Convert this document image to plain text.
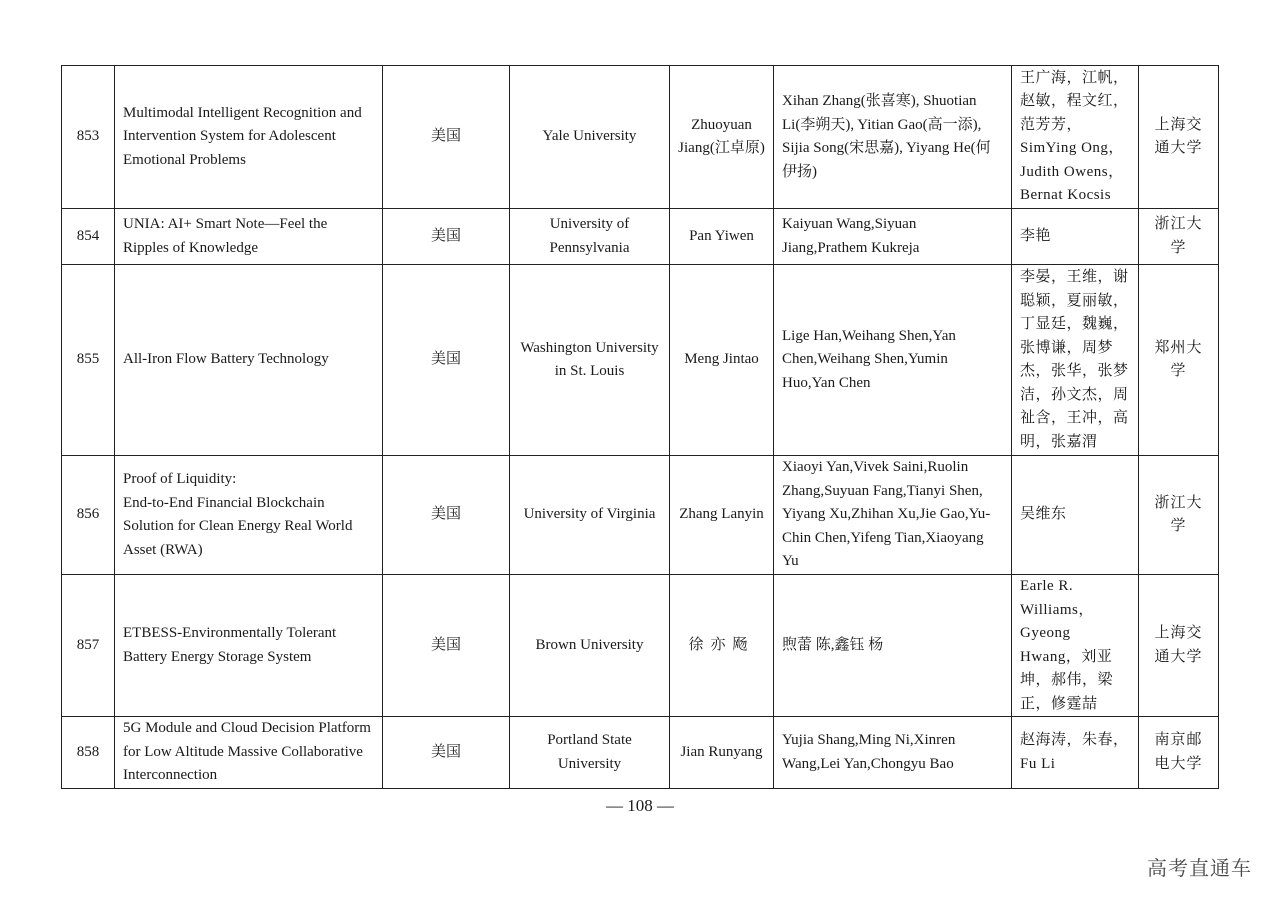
853	Multimodal Intelligent Recognition and Intervention System for Adolescent Emotional Problems	美国	Yale University	Zhuoyuan Jiang(江卓原)	Xihan Zhang(张喜寒), Shuotian Li(李朔天), Yitian Gao(高一添), Sijia Song(宋思嘉), Yiyang He(何伊扬)	王广海，江帆，赵敏，程文红，范芳芳，SimYing Ong，Judith Owens，Bernat Kocsis	上海交通大学
854	UNIA: AI+ Smart Note—Feel the Ripples of Knowledge	美国	University of Pennsylvania	Pan Yiwen	Kaiyuan Wang,Siyuan Jiang,Prathem Kukreja	李艳	浙江大学
855	All-Iron Flow Battery Technology	美国	Washington University in St. Louis	Meng Jintao	Lige Han,Weihang Shen,Yan Chen,Weihang Shen,Yumin Huo,Yan Chen	李晏，王维，谢聪颖，夏丽敏，丁显廷，魏巍，张博谦，周梦杰，张华，张梦洁，孙文杰，周祉含，王冲，高明，张嘉渭	郑州大学
856	Proof of Liquidity:
End-to-End Financial Blockchain Solution for Clean Energy Real World Asset (RWA)	美国	University of Virginia	Zhang Lanyin	Xiaoyi Yan,Vivek Saini,Ruolin Zhang,Suyuan Fang,Tianyi Shen, Yiyang Xu,Zhihan Xu,Jie Gao,Yu-Chin Chen,Yifeng Tian,Xiaoyang Yu	吴维东	浙江大学
857	ETBESS-Environmentally Tolerant Battery Energy Storage System	美国	Brown University	徐亦飏	煦蕾 陈,鑫钰 杨	Earle R. Williams，Gyeong Hwang，刘亚坤，郝伟，梁正，修霆喆	上海交通大学
858	5G Module and Cloud Decision Platform for Low Altitude Massive Collaborative Interconnection	美国	Portland State University	Jian Runyang	Yujia Shang,Ming Ni,Xinren Wang,Lei Yan,Chongyu Bao	赵海涛，朱春，Fu Li	南京邮电大学
— 108 —
高考直通车
